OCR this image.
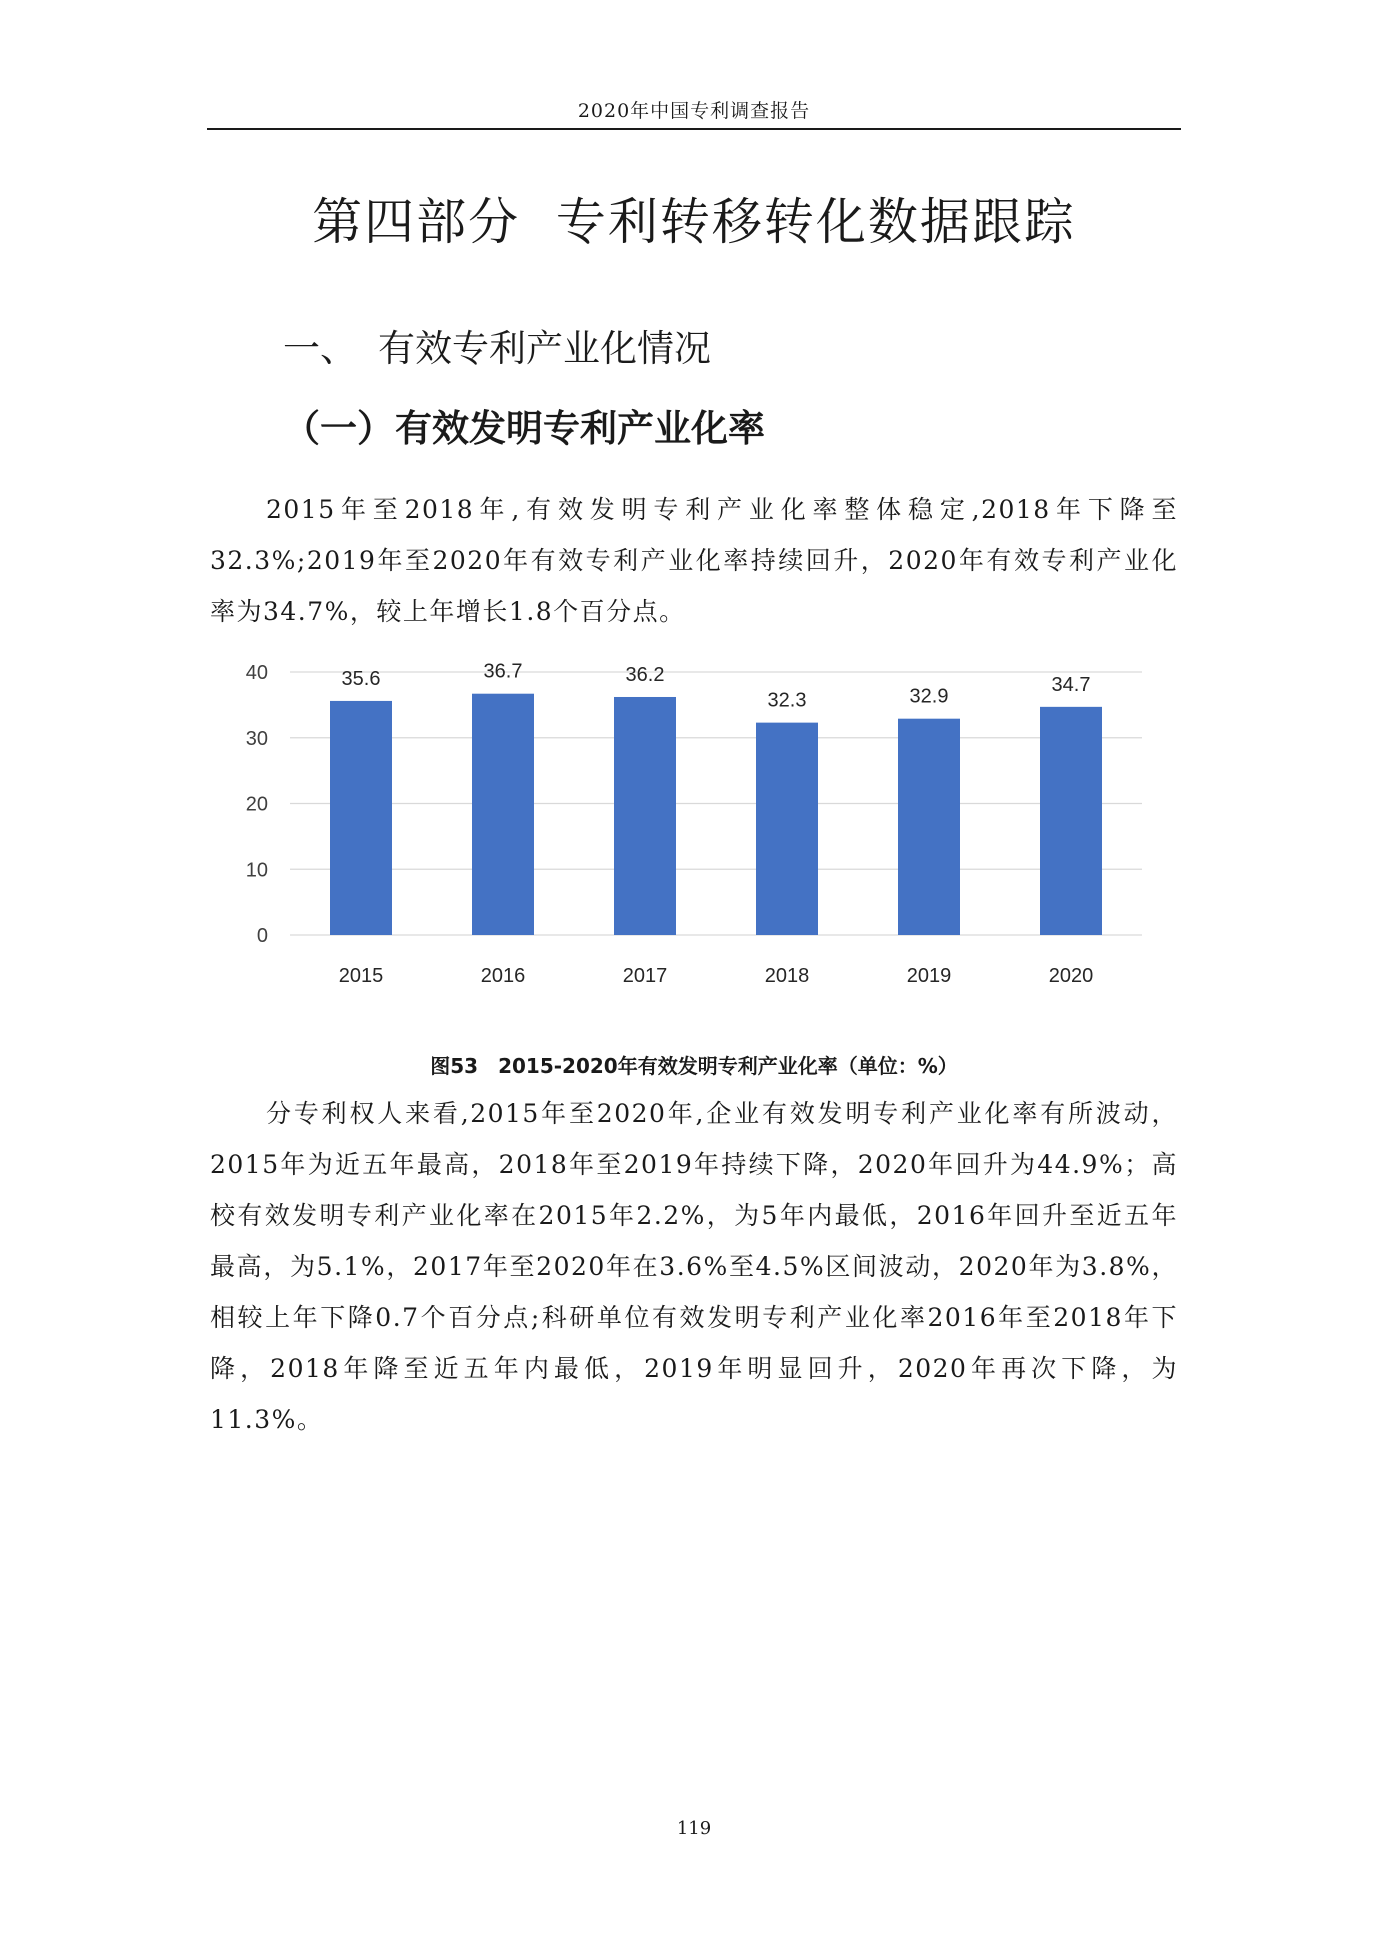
2020年中国专利调查报告
第四部分  专利转移转化数据跟踪
一、 有效专利产业化情况
（一）有效发明专利产业化率

2015年至2018年,有效发明专利产业化率整体稳定,2018年下降至32.3%;2019年至2020年有效专利产业化率持续回升，2020年有效专利产业化率为34.7%，较上年增长1.8个百分点。

0
10
20
30
40	35.6
2015
36.7
2016
36.2
2017
32.3
2018
32.9
2019
34.7
2020
图53　2015-2020年有效发明专利产业化率（单位：%）

分专利权人来看,2015年至2020年,企业有效发明专利产业化率有所波动，2015年为近五年最高，2018年至2019年持续下降，2020年回升为44.9%；高校有效发明专利产业化率在2015年2.2%，为5年内最低，2016年回升至近五年最高，为5.1%，2017年至2020年在3.6%至4.5%区间波动，2020年为3.8%，相较上年下降0.7个百分点;科研单位有效发明专利产业化率2016年至2018年下降，2018年降至近五年内最低，2019年明显回升，2020年再次下降，为11.3%。

119
